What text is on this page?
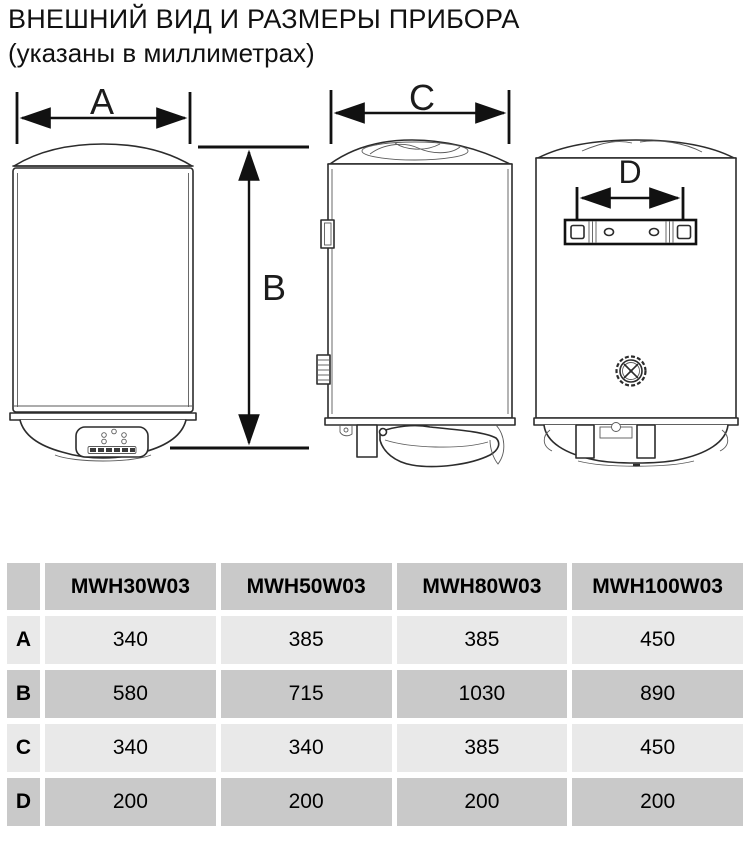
ВНЕШНИЙ ВИД И РАЗМЕРЫ ПРИБОРА
(указаны в миллиметрах)
A
B
C
D
	MWH30W03	MWH50W03	MWH80W03	MWH100W03
A	340	385	385	450
B	580	715	1030	890
C	340	340	385	450
D	200	200	200	200
